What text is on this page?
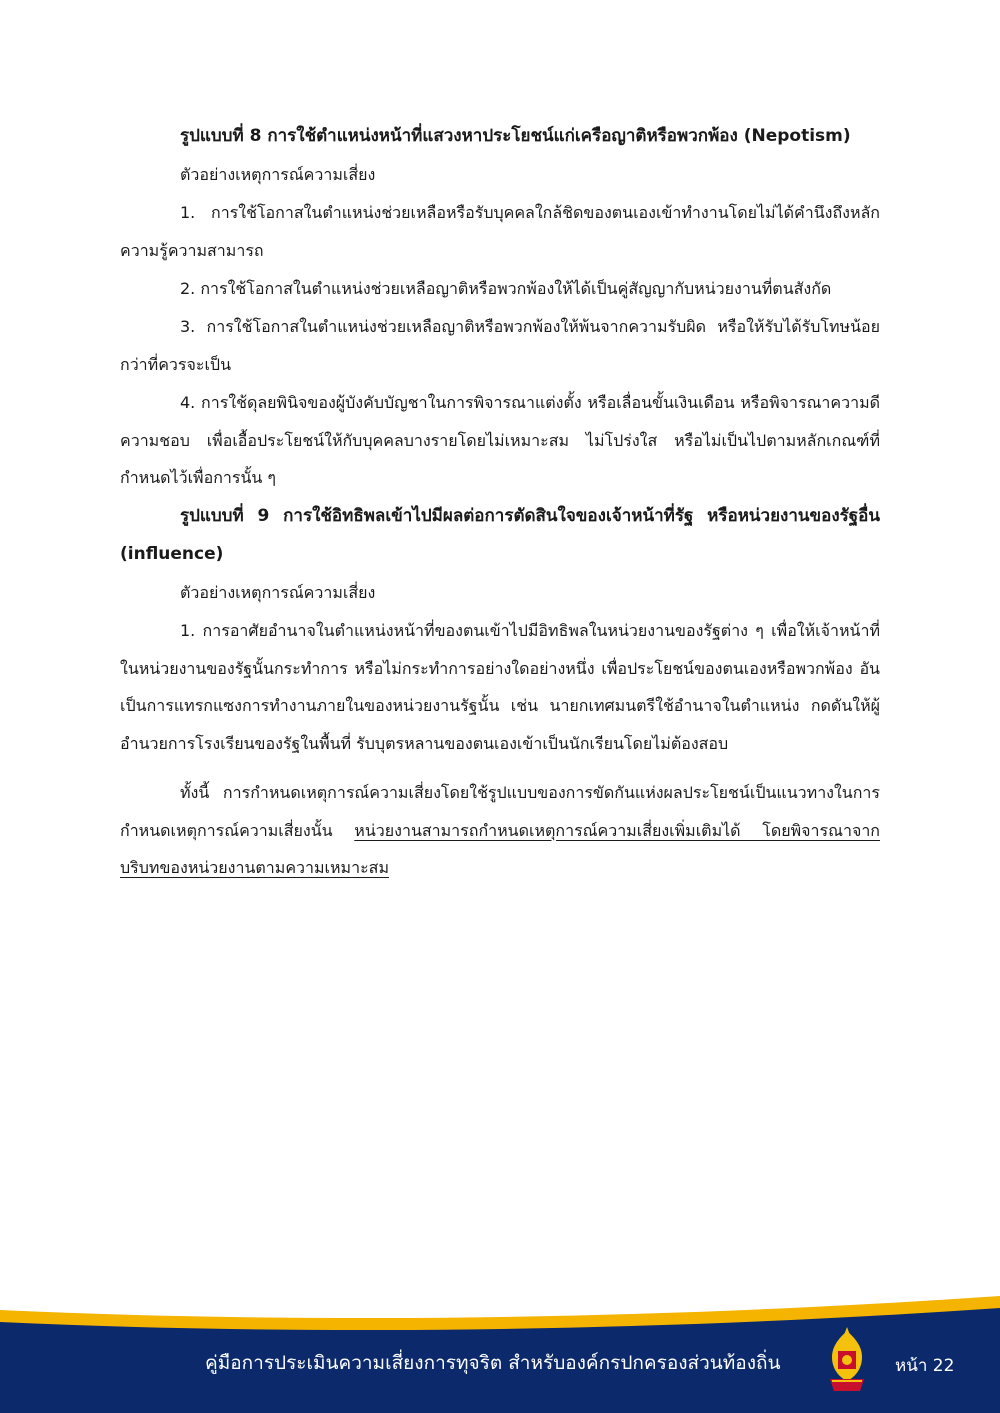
รูปแบบที่ 8 การใช้ตำแหน่งหน้าที่แสวงหาประโยชน์แก่เครือญาติหรือพวกพ้อง (Nepotism)
ตัวอย่างเหตุการณ์ความเสี่ยง
1. การใช้โอกาสในตำแหน่งช่วยเหลือหรือรับบุคคลใกล้ชิดของตนเองเข้าทำงานโดยไม่ได้คำนึงถึงหลักความรู้ความสามารถ
2. การใช้โอกาสในตำแหน่งช่วยเหลือญาติหรือพวกพ้องให้ได้เป็นคู่สัญญากับหน่วยงานที่ตนสังกัด
3. การใช้โอกาสในตำแหน่งช่วยเหลือญาติหรือพวกพ้องให้พ้นจากความรับผิด หรือให้รับได้รับโทษน้อยกว่าที่ควรจะเป็น
4. การใช้ดุลยพินิจของผู้บังคับบัญชาในการพิจารณาแต่งตั้ง หรือเลื่อนขั้นเงินเดือน หรือพิจารณาความดีความชอบ เพื่อเอื้อประโยชน์ให้กับบุคคลบางรายโดยไม่เหมาะสม ไม่โปร่งใส หรือไม่เป็นไปตามหลักเกณฑ์ที่กำหนดไว้เพื่อการนั้น ๆ
รูปแบบที่ 9 การใช้อิทธิพลเข้าไปมีผลต่อการตัดสินใจของเจ้าหน้าที่รัฐ หรือหน่วยงานของรัฐอื่น (influence)
ตัวอย่างเหตุการณ์ความเสี่ยง
1. การอาศัยอำนาจในตำแหน่งหน้าที่ของตนเข้าไปมีอิทธิพลในหน่วยงานของรัฐต่าง ๆ เพื่อให้เจ้าหน้าที่ในหน่วยงานของรัฐนั้นกระทำการ หรือไม่กระทำการอย่างใดอย่างหนึ่ง เพื่อประโยชน์ของตนเองหรือพวกพ้อง อันเป็นการแทรกแซงการทำงานภายในของหน่วยงานรัฐนั้น เช่น นายกเทศมนตรีใช้อำนาจในตำแหน่ง กดดันให้ผู้อำนวยการโรงเรียนของรัฐในพื้นที่ รับบุตรหลานของตนเองเข้าเป็นนักเรียนโดยไม่ต้องสอบ
ทั้งนี้ การกำหนดเหตุการณ์ความเสี่ยงโดยใช้รูปแบบของการขัดกันแห่งผลประโยชน์เป็นแนวทางในการกำหนดเหตุการณ์ความเสี่ยงนั้น หน่วยงานสามารถกำหนดเหตุการณ์ความเสี่ยงเพิ่มเติมได้ โดยพิจารณาจากบริบทของหน่วยงานตามความเหมาะสม
คู่มือการประเมินความเสี่ยงการทุจริต สำหรับองค์กรปกครองส่วนท้องถิ่น	หน้า 22
